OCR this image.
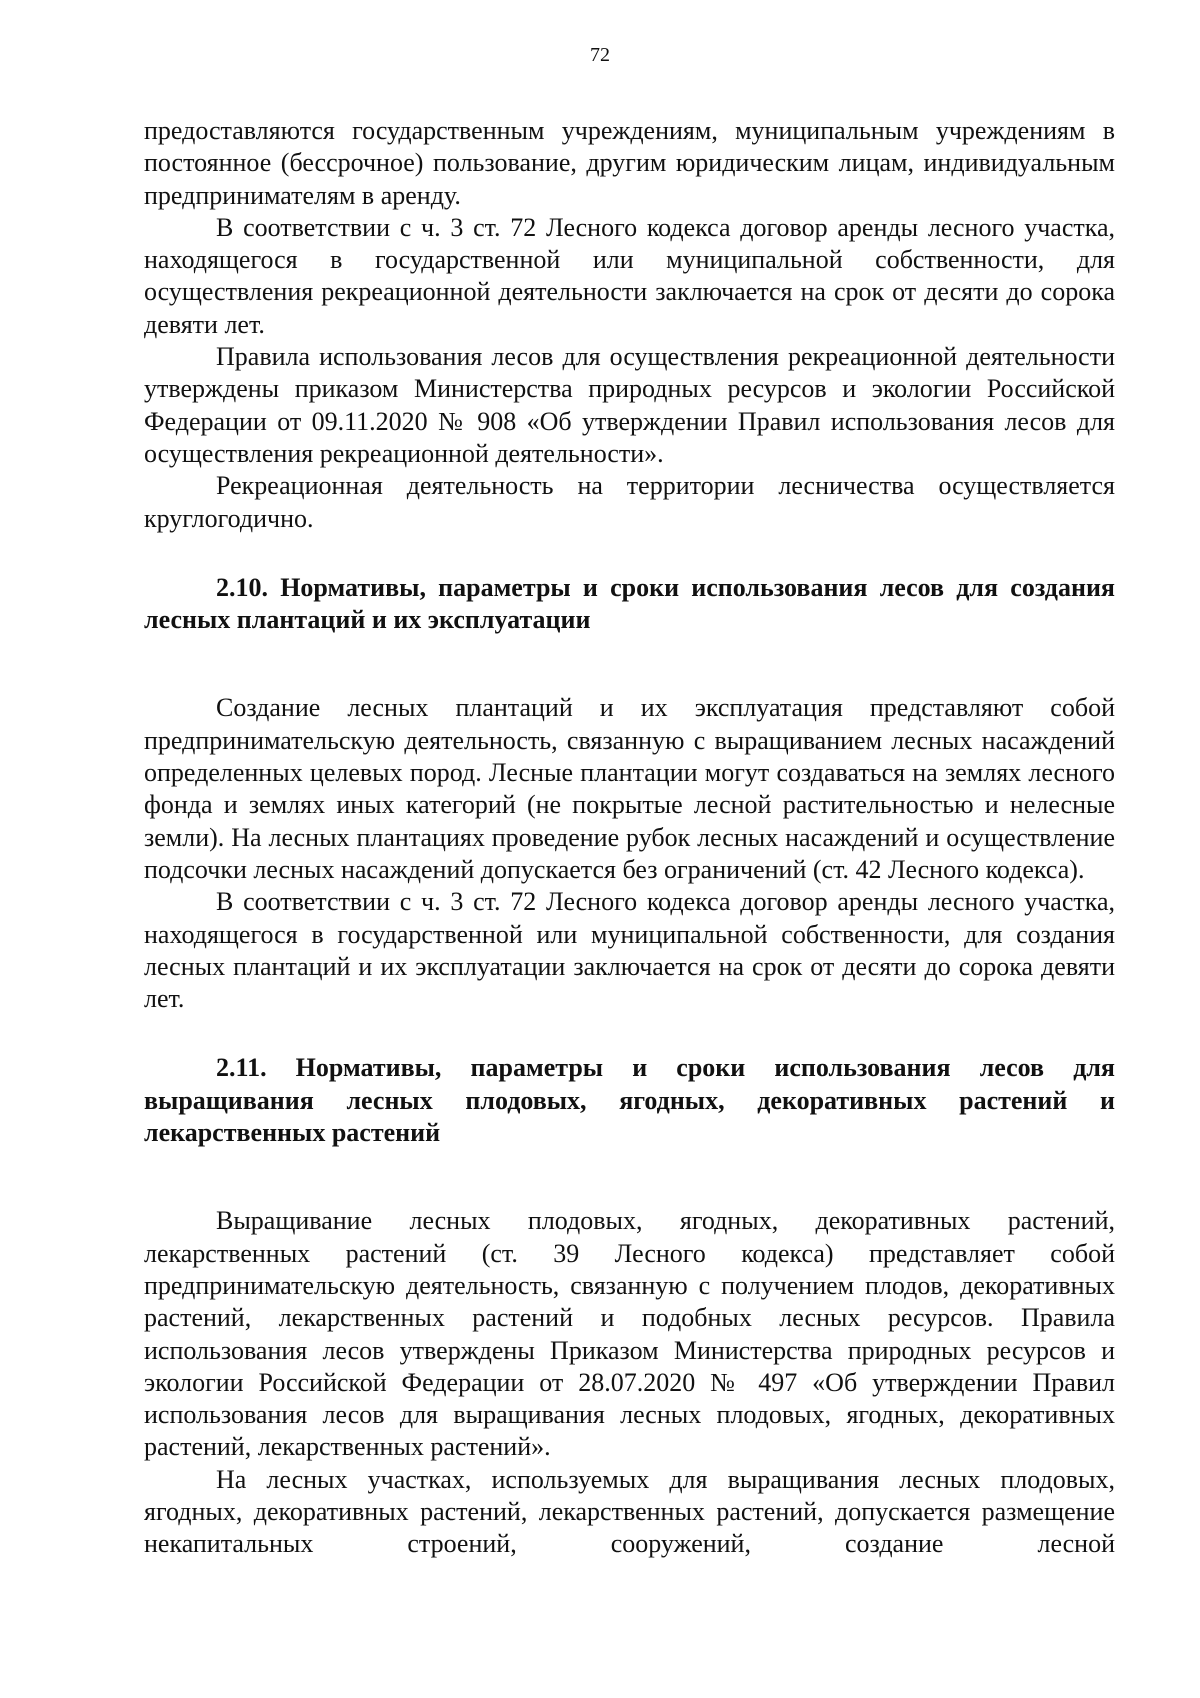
72

предоставляются государственным учреждениям, муниципальным учреждениям в постоянное (бессрочное) пользование, другим юридическим лицам, индивидуальным предпринимателям в аренду.

В соответствии с ч. 3 ст. 72 Лесного кодекса договор аренды лесного участка, находящегося в государственной или муниципальной собственности, для осуществления рекреационной деятельности заключается на срок от десяти до сорока девяти лет.

Правила использования лесов для осуществления рекреационной деятельности утверждены приказом Министерства природных ресурсов и экологии Российской Федерации от 09.11.2020 № 908 «Об утверждении Правил использования лесов для осуществления рекреационной деятельности».

Рекреационная деятельность на территории лесничества осуществляется круглогодично.

2.10. Нормативы, параметры и сроки использования лесов для создания лесных плантаций и их эксплуатации

Создание лесных плантаций и их эксплуатация представляют собой предпринимательскую деятельность, связанную с выращиванием лесных насаждений определенных целевых пород. Лесные плантации могут создаваться на землях лесного фонда и землях иных категорий (не покрытые лесной растительностью и нелесные земли). На лесных плантациях проведение рубок лесных насаждений и осуществление подсочки лесных насаждений допускается без ограничений (ст. 42 Лесного кодекса).

В соответствии с ч. 3 ст. 72 Лесного кодекса договор аренды лесного участка, находящегося в государственной или муниципальной собственности, для создания лесных плантаций и их эксплуатации заключается на срок от десяти до сорока девяти лет.

2.11. Нормативы, параметры и сроки использования лесов для выращивания лесных плодовых, ягодных, декоративных растений и лекарственных растений

Выращивание лесных плодовых, ягодных, декоративных растений, лекарственных растений (ст. 39 Лесного кодекса) представляет собой предпринимательскую деятельность, связанную с получением плодов, декоративных растений, лекарственных растений и подобных лесных ресурсов. Правила использования лесов утверждены Приказом Министерства природных ресурсов и экологии Российской Федерации от 28.07.2020 № 497 «Об утверждении Правил использования лесов для выращивания лесных плодовых, ягодных, декоративных растений, лекарственных растений».

На лесных участках, используемых для выращивания лесных плодовых, ягодных, декоративных растений, лекарственных растений, допускается размещение некапитальных строений, сооружений, создание лесной
